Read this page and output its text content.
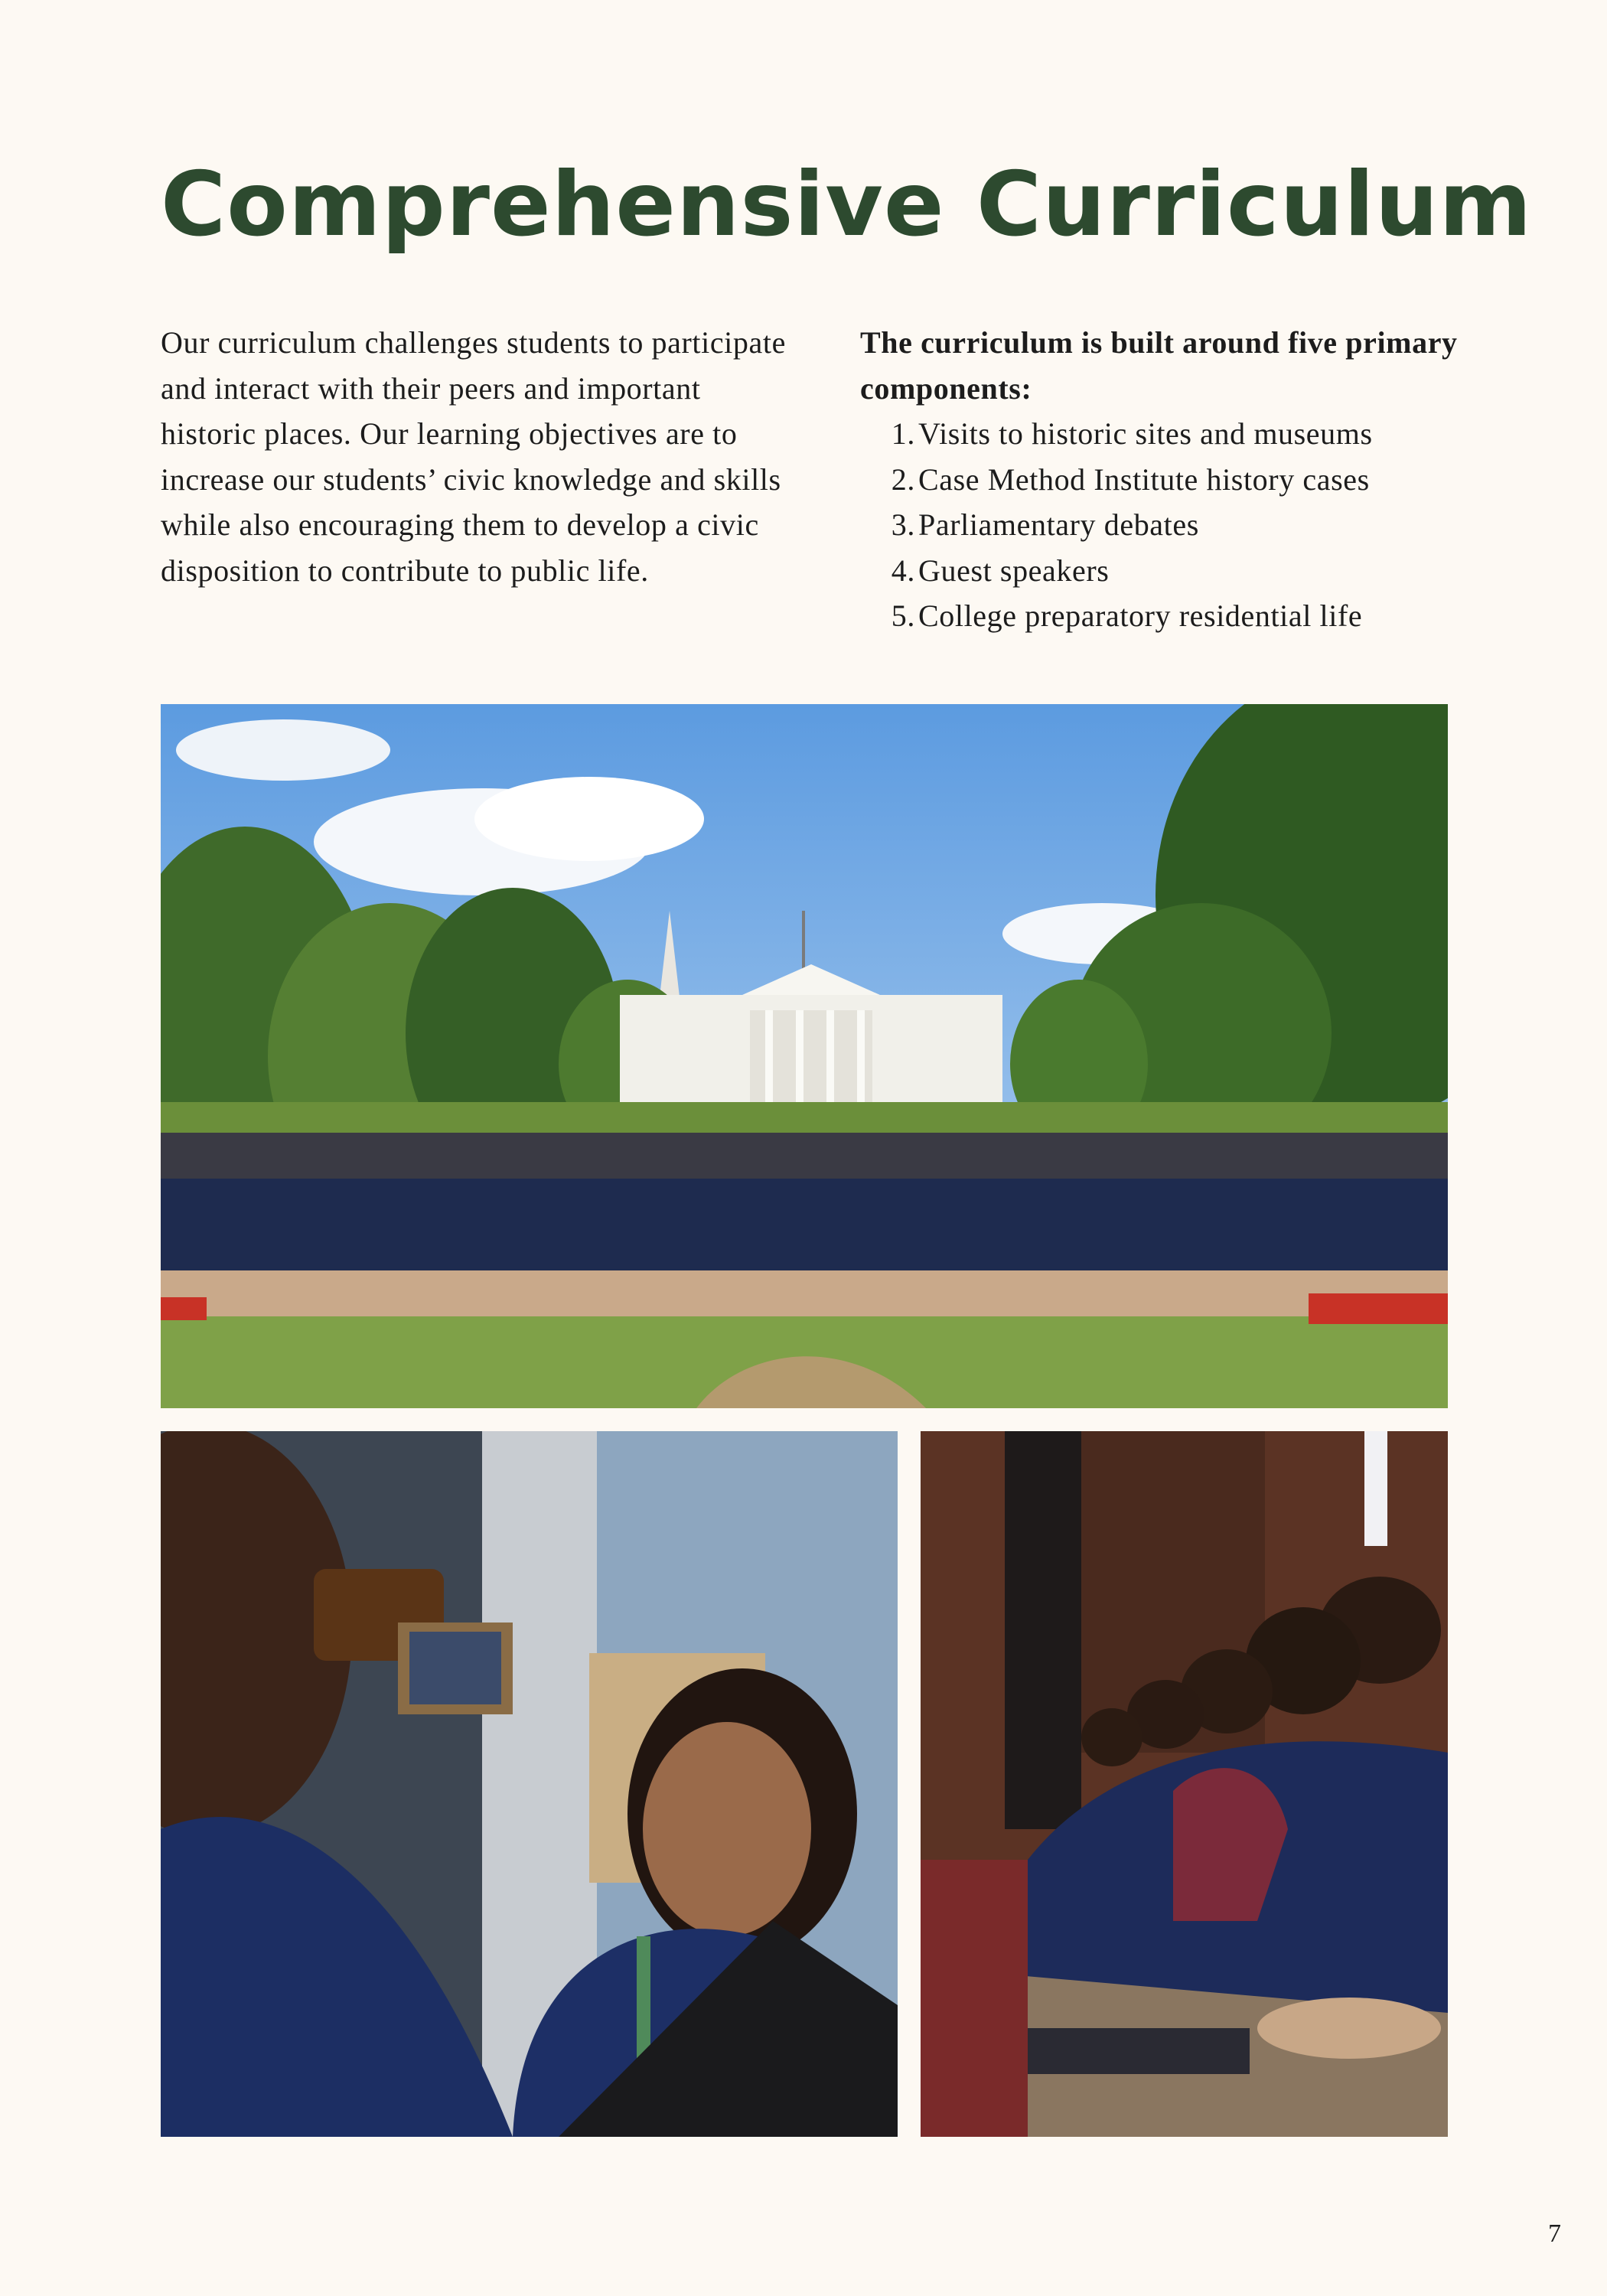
Comprehensive Curriculum

Our curriculum challenges students to participate and interact with their peers and important historic places. Our learning objectives are to increase our students’ civic knowledge and skills while also encouraging them to develop a civic disposition to contribute to public life.

The curriculum is built around five primary components:

1. Visits to historic sites and museums
2. Case Method Institute history cases
3. Parliamentary debates
4. Guest speakers
5. College preparatory residential life
7
